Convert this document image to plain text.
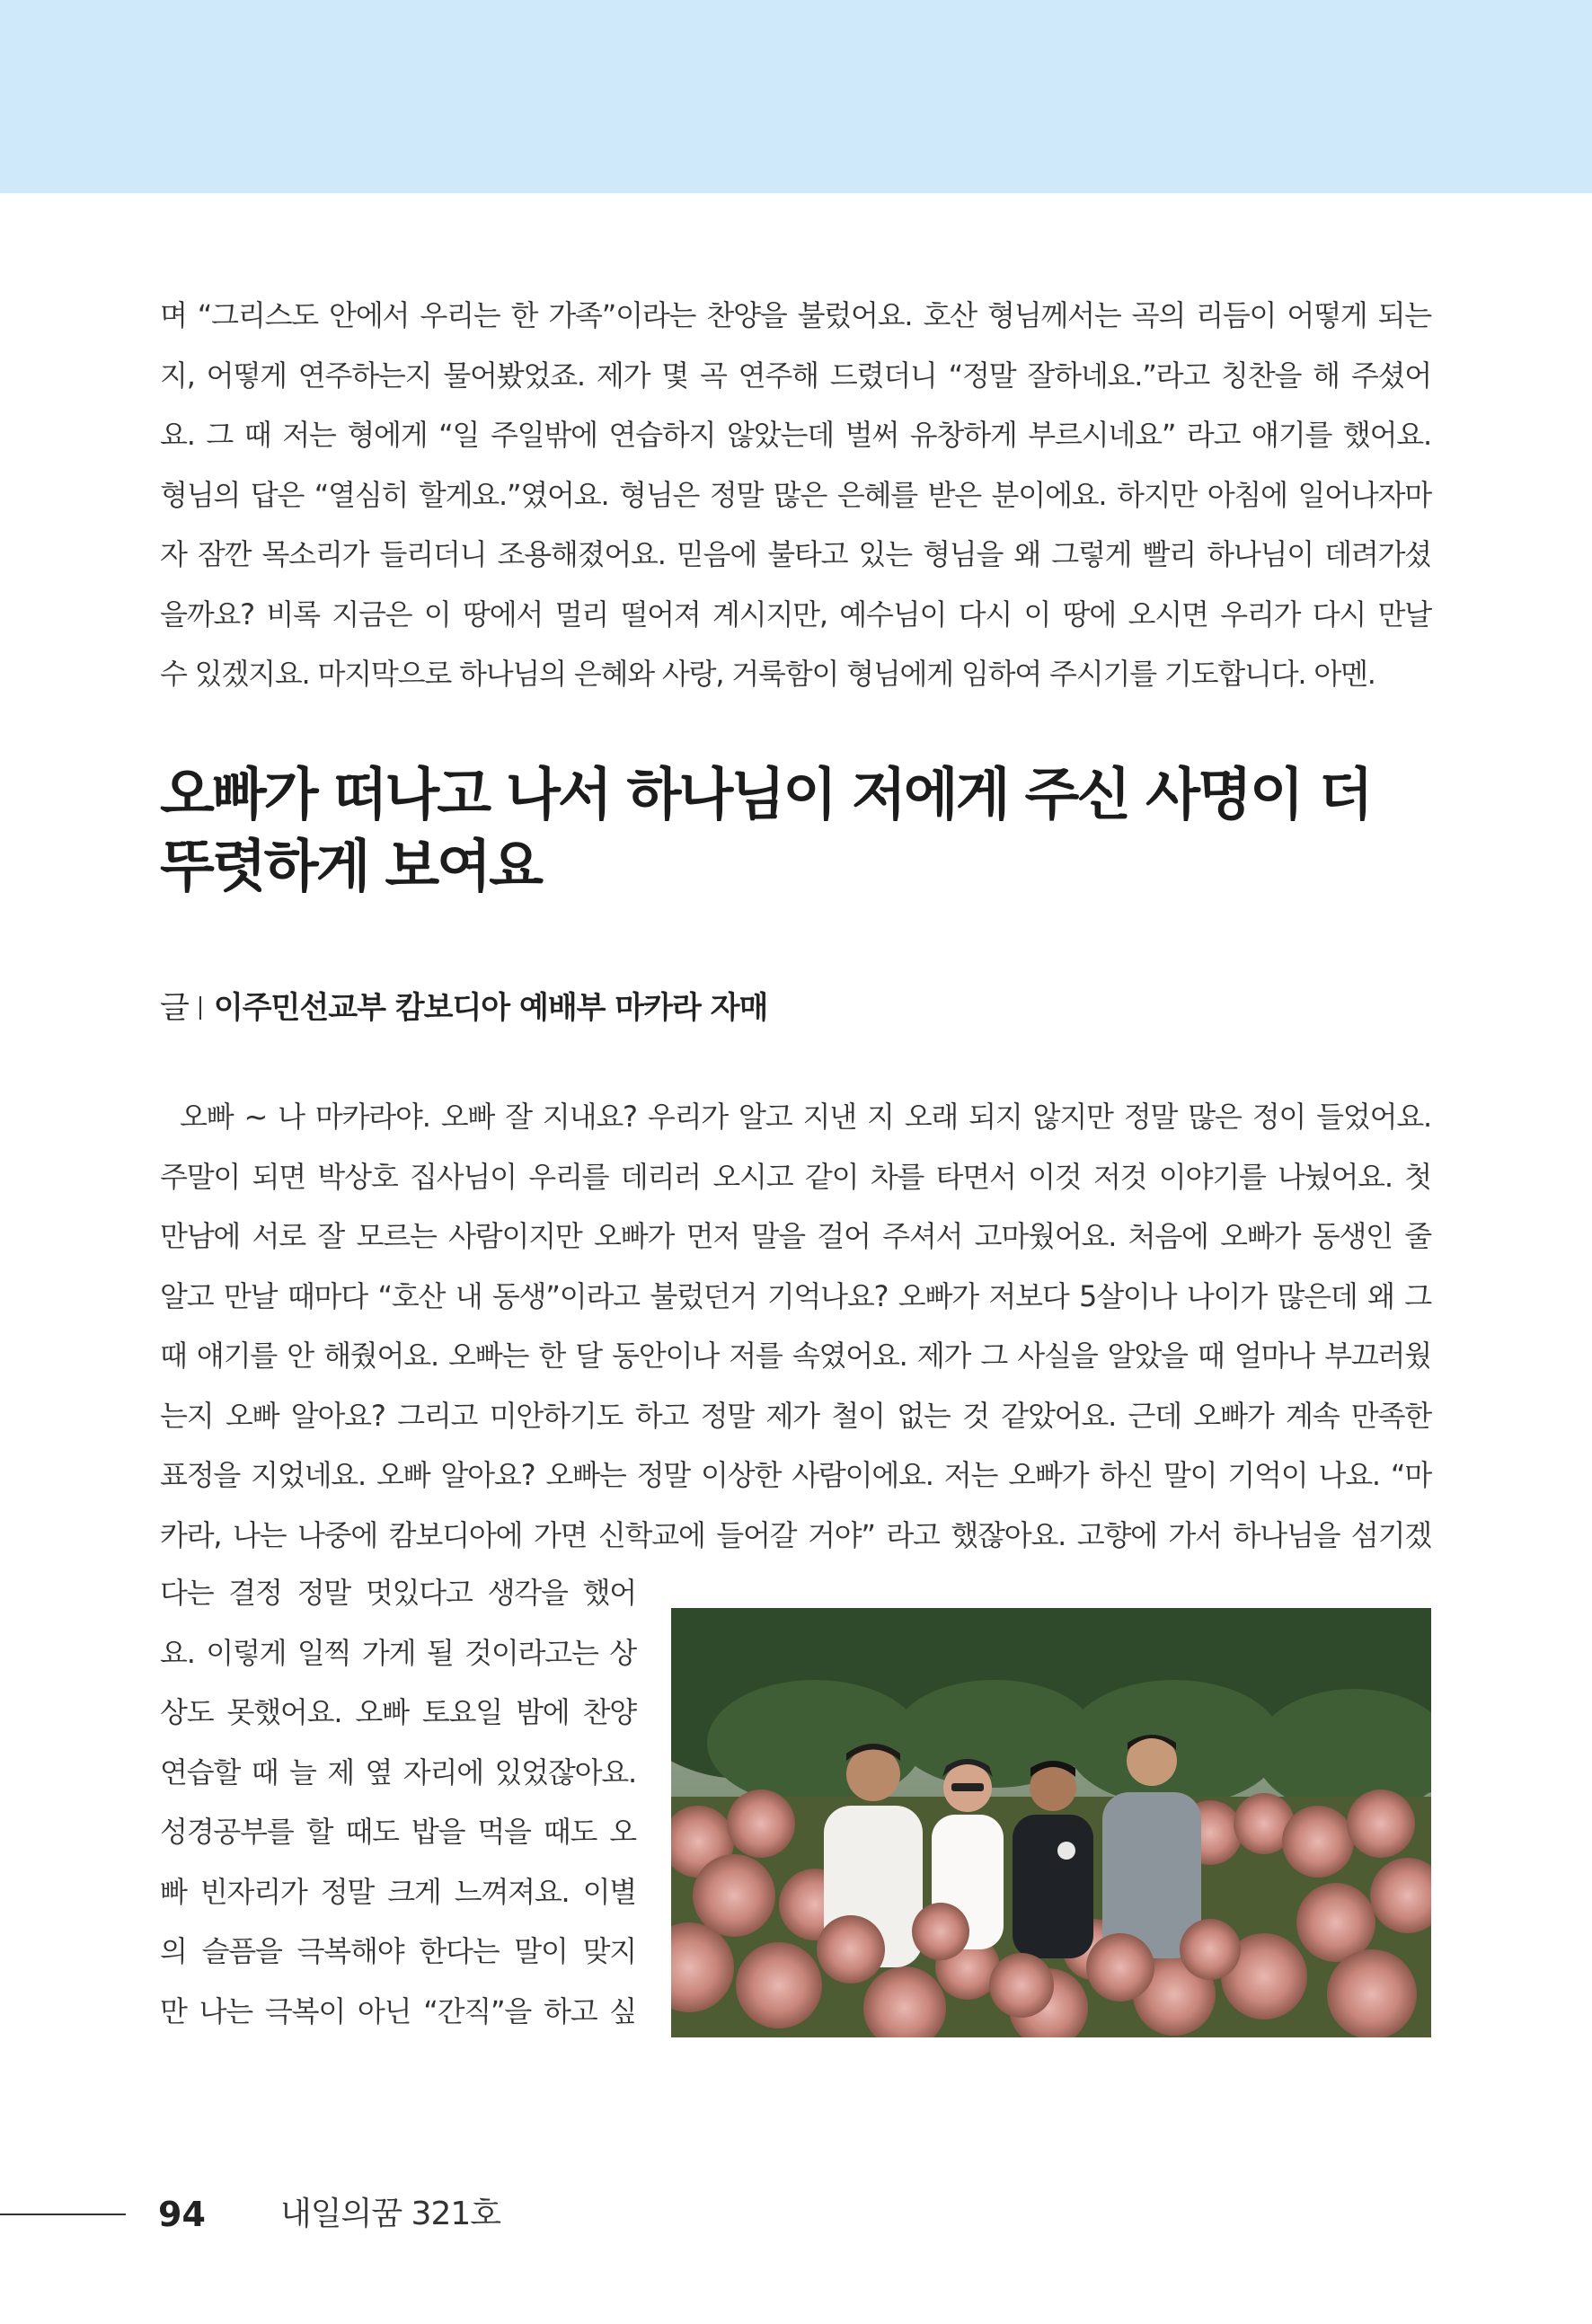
며 “그리스도 안에서 우리는 한 가족”이라는 찬양을 불렀어요. 호산 형님께서는 곡의 리듬이 어떻게 되는
지, 어떻게 연주하는지 물어봤었죠. 제가 몇 곡 연주해 드렸더니 “정말 잘하네요.”라고 칭찬을 해 주셨어
요. 그 때 저는 형에게 “일 주일밖에 연습하지 않았는데 벌써 유창하게 부르시네요” 라고 얘기를 했어요.
형님의 답은 “열심히 할게요.”였어요. 형님은 정말 많은 은혜를 받은 분이에요. 하지만 아침에 일어나자마
자 잠깐 목소리가 들리더니 조용해졌어요. 믿음에 불타고 있는 형님을 왜 그렇게 빨리 하나님이 데려가셨
을까요? 비록 지금은 이 땅에서 멀리 떨어져 계시지만, 예수님이 다시 이 땅에 오시면 우리가 다시 만날
수 있겠지요. 마지막으로 하나님의 은혜와 사랑, 거룩함이 형님에게 임하여 주시기를 기도합니다. 아멘.
오빠가 떠나고 나서 하나님이 저에게 주신 사명이 더
뚜렷하게 보여요

글 이주민선교부 캄보디아 예배부 마카라 자매

오빠 ~ 나 마카라야. 오빠 잘 지내요? 우리가 알고 지낸 지 오래 되지 않지만 정말 많은 정이 들었어요.
주말이 되면 박상호 집사님이 우리를 데리러 오시고 같이 차를 타면서 이것 저것 이야기를 나눴어요. 첫
만남에 서로 잘 모르는 사람이지만 오빠가 먼저 말을 걸어 주셔서 고마웠어요. 처음에 오빠가 동생인 줄
알고 만날 때마다 “호산 내 동생”이라고 불렀던거 기억나요? 오빠가 저보다 5살이나 나이가 많은데 왜 그
때 얘기를 안 해줬어요. 오빠는 한 달 동안이나 저를 속였어요. 제가 그 사실을 알았을 때 얼마나 부끄러웠
는지 오빠 알아요? 그리고 미안하기도 하고 정말 제가 철이 없는 것 같았어요. 근데 오빠가 계속 만족한
표정을 지었네요. 오빠 알아요? 오빠는 정말 이상한 사람이에요. 저는 오빠가 하신 말이 기억이 나요. “마
카라, 나는 나중에 캄보디아에 가면 신학교에 들어갈 거야” 라고 했잖아요. 고향에 가서 하나님을 섬기겠
다는 결정 정말 멋있다고 생각을 했어
요. 이렇게 일찍 가게 될 것이라고는 상
상도 못했어요. 오빠 토요일 밤에 찬양
연습할 때 늘 제 옆 자리에 있었잖아요.
성경공부를 할 때도 밥을 먹을 때도 오
빠 빈자리가 정말 크게 느껴져요. 이별
의 슬픔을 극복해야 한다는 말이 맞지
만 나는 극복이 아닌 “간직”을 하고 싶
94 내일의꿈 321호
